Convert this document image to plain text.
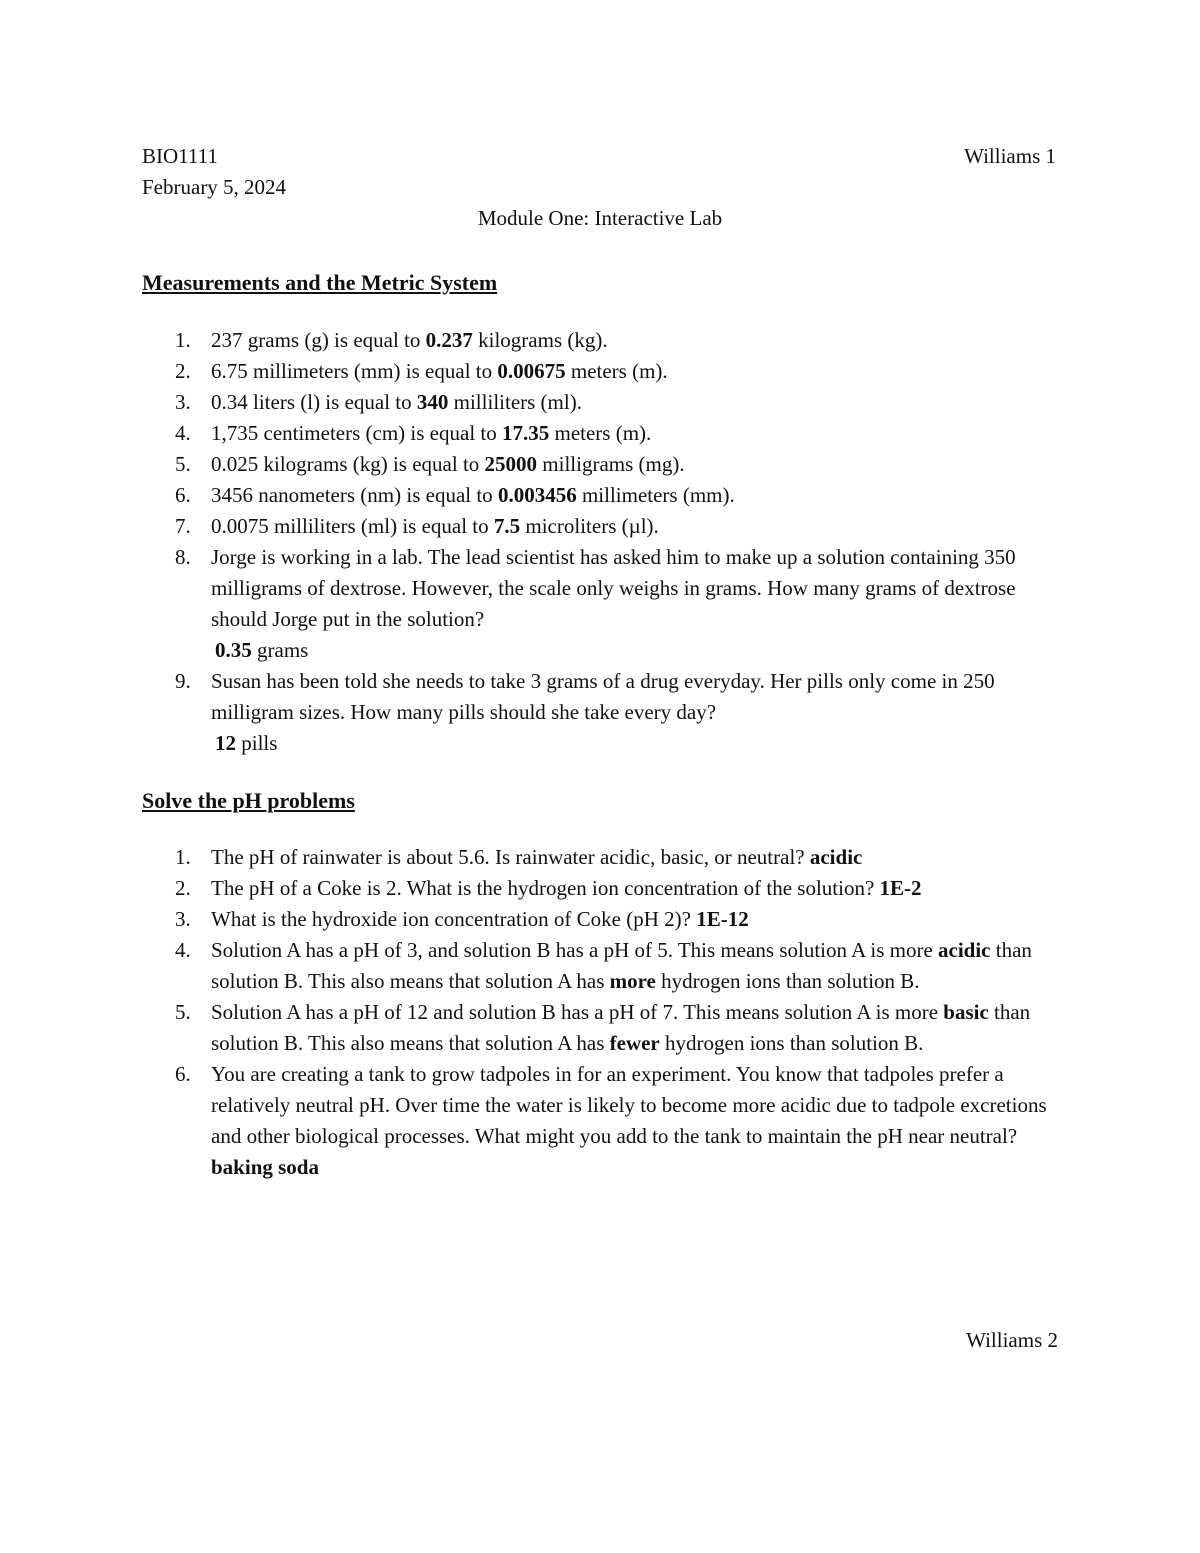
BIO1111	Williams 1
February 5, 2024
Module One: Interactive Lab
Measurements and the Metric System
1. 237 grams (g) is equal to 0.237 kilograms (kg).
2. 6.75 millimeters (mm) is equal to 0.00675 meters (m).
3. 0.34 liters (l) is equal to 340 milliliters (ml).
4. 1,735 centimeters (cm) is equal to 17.35 meters (m).
5. 0.025 kilograms (kg) is equal to 25000 milligrams (mg).
6. 3456 nanometers (nm) is equal to 0.003456 millimeters (mm).
7. 0.0075 milliliters (ml) is equal to 7.5 microliters (µl).
8. Jorge is working in a lab. The lead scientist has asked him to make up a solution containing 350 milligrams of dextrose. However, the scale only weighs in grams. How many grams of dextrose should Jorge put in the solution?
0.35 grams
9. Susan has been told she needs to take 3 grams of a drug everyday. Her pills only come in 250 milligram sizes. How many pills should she take every day?
12 pills
Solve the pH problems
1. The pH of rainwater is about 5.6. Is rainwater acidic, basic, or neutral? acidic
2. The pH of a Coke is 2. What is the hydrogen ion concentration of the solution? 1E-2
3. What is the hydroxide ion concentration of Coke (pH 2)? 1E-12
4. Solution A has a pH of 3, and solution B has a pH of 5. This means solution A is more acidic than solution B. This also means that solution A has more hydrogen ions than solution B.
5. Solution A has a pH of 12 and solution B has a pH of 7. This means solution A is more basic than solution B. This also means that solution A has fewer hydrogen ions than solution B.
6. You are creating a tank to grow tadpoles in for an experiment. You know that tadpoles prefer a relatively neutral pH. Over time the water is likely to become more acidic due to tadpole excretions and other biological processes. What might you add to the tank to maintain the pH near neutral? baking soda
Williams 2
